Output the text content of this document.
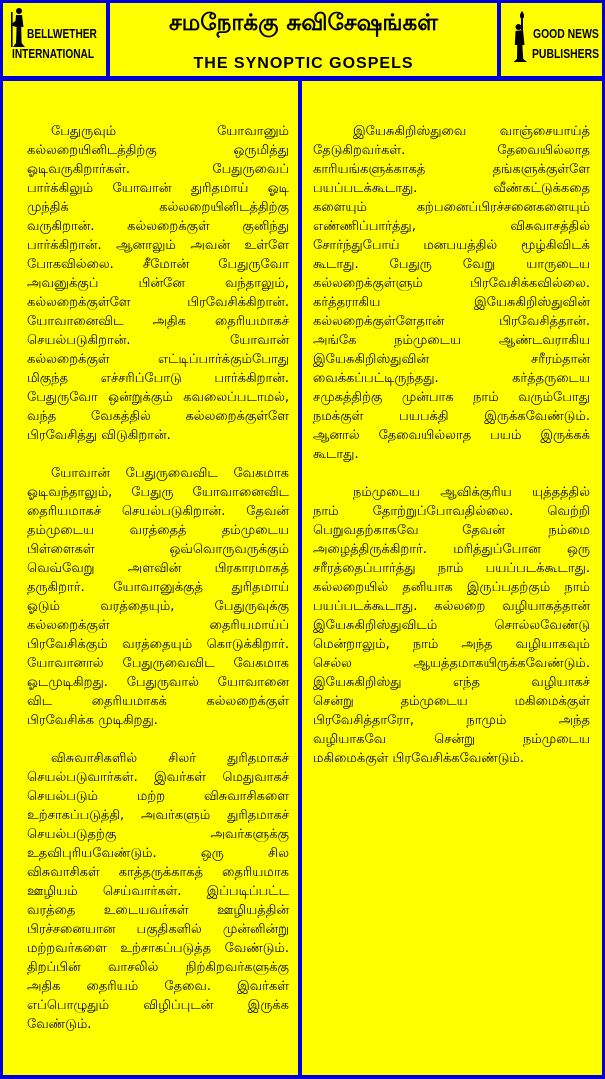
BELLWETHER
INTERNATIONAL
சமநோக்கு சுவிசேஷங்கள்
THE SYNOPTIC GOSPELS
GOOD NEWS
PUBLISHERS
பேதுருவும் யோவானும்
கல்லறையினிடத்திற்கு ஒருமித்து
ஓடிவருகிறார்கள். பேதுருவைப்
பார்க்கிலும் யோவான் துரிதமாய் ஓடி
முந்திக் கல்லறையினிடத்திற்கு
வருகிறான். கல்லறைக்குள் குனிந்து
பார்க்கிறான். ஆனாலும் அவன் உள்ளே
போகவில்லை. சீமோன் பேதுருவோ
அவனுக்குப் பின்னே வந்தாலும்,
கல்லறைக்குள்ளே பிரவேசிக்கிறான்.
யோவானைவிட அதிக தைரியமாகச்
செயல்படுகிறான். யோவான்
கல்லறைக்குள் எட்டிப்பார்க்கும்போது
மிகுந்த எச்சரிப்போடு பார்க்கிறான்.
பேதுருவோ ஒன்றுக்கும் கவலைப்படாமல்,
வந்த வேகத்தில் கல்லறைக்குள்ளே
பிரவேசித்து விடுகிறான்.
யோவான் பேதுருவைவிட வேகமாக
ஓடிவந்தாலும், பேதுரு யோவானைவிட
தைரியமாகச் செயல்படுகிறான். தேவன்
தம்முடைய வரத்தைத் தம்முடைய
பிள்ளைகள் ஒவ்வொருவருக்கும்
வெவ்வேறு அளவின் பிரகாரமாகத்
தருகிறார். யோவானுக்குத் துரிதமாய்
ஓடும் வரத்தையும், பேதுருவுக்கு
கல்லறைக்குள் தைரியமாய்ப்
பிரவேசிக்கும் வரத்தையும் கொடுக்கிறார்.
யோவானால் பேதுருவைவிட வேகமாக
ஓடமுடிகிறது. பேதுருவால் யோவானை
விட தைரியமாகக் கல்லறைக்குள்
பிரவேசிக்க முடிகிறது.
விசுவாசிகளில் சிலர் துரிதமாகச்
செயல்படுவார்கள். இவர்கள் மெதுவாகச்
செயல்படும் மற்ற விசுவாசிகளை
உற்சாகப்படுத்தி, அவர்களும் துரிதமாகச்
செயல்படுதற்கு அவர்களுக்கு
உதவிபுரியவேண்டும். ஒரு சில
விசுவாசிகள் காத்தருக்காகத் தைரியமாக
ஊழியம் செய்வார்கள். இப்படிப்பட்ட
வரத்தை உடையவர்கள் ஊழியத்தின்
பிரச்சனையான பகுதிகளில் முன்னின்று
மற்றவர்களை உற்சாகப்படுத்த வேண்டும்.
திறப்பின் வாசலில் நிற்கிறவர்களுக்கு
அதிக தைரியம் தேவை. இவர்கள்
எப்பொழுதும் விழிப்புடன் இருக்க
வேண்டும்.
இயேசுகிறிஸ்துவை வாஞ்சையாய்த்
தேடுகிறவர்கள். தேவையில்லாத
காரியங்களுக்காகத் தங்களுக்குள்ளே
பயப்படக்கூடாது. வீண்கட்டுக்கதை
களையும் கற்பனைப்பிரச்சனைகளையும்
எண்ணிப்பார்த்து, விசுவாசத்தில்
சோர்ந்துபோய் மனபயத்தில் மூழ்கிவிடக்
கூடாது. பேதுரு வேறு யாருடைய
கல்லறைக்குள்ளும் பிரவேசிக்கவில்லை.
கர்த்தராகிய இயேசுகிறிஸ்துவின்
கல்லறைக்குள்ளேதான் பிரவேசித்தான்.
அங்கே நம்முடைய ஆண்டவராகிய
இயேசுகிறிஸ்துவின் சரீரம்தான்
வைக்கப்பட்டிருந்தது. கர்த்தருடைய
சமுகத்திற்கு முன்பாக நாம் வரும்போது
நமக்குள் பயபக்தி இருக்கவேண்டும்.
ஆனால் தேவையில்லாத பயம் இருக்கக்
கூடாது.
நம்முடைய ஆவிக்குரிய யுத்தத்தில்
நாம் தோற்றுப்போவதில்லை. வெற்றி
பெறுவதற்காகவே தேவன் நம்மை
அழைத்திருக்கிறார். மரித்துப்போன ஒரு
சரீரத்தைப்பார்த்து நாம் பயப்படக்கூடாது.
கல்லறையில் தனியாக இருப்பதற்கும் நாம்
பயப்படக்கூடாது. கல்லறை வழியாகத்தான்
இயேசுகிறிஸ்துவிடம் சொல்லவேண்டு
மென்றாலும், நாம் அந்த வழியாகவும்
செல்ல ஆயத்தமாகயிருக்கவேண்டும்.
இயேசுகிறிஸ்து எந்த வழியாகச்
சென்று தம்முடைய மகிமைக்குள்
பிரவேசித்தாரோ, நாமும் அந்த
வழியாகவே சென்று நம்முடைய
மகிமைக்குள் பிரவேசிக்கவேண்டும்.
